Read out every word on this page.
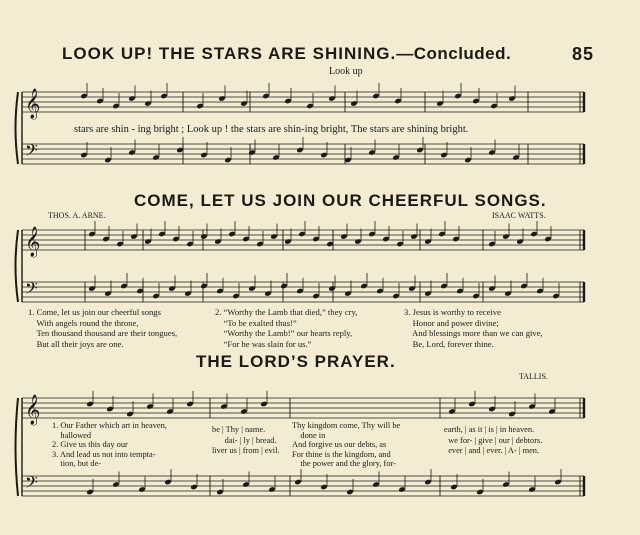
𝄞
𝄢
𝄞
𝄢
𝄞
𝄢
LOOK UP! THE STARS ARE SHINING.—Concluded.	85
Look up
stars are shin - ing bright ; Look up ! the stars are shin-ing bright, The stars are shining bright.
COME, LET US JOIN OUR CHEERFUL SONGS.
THOS. A. ARNE.	ISAAC WATTS.
1. Come, let us join our cheerful songs
With angels round the throne,
Ten thousand thousand are their tongues,
But all their joys are one.
2. “Worthy the Lamb that died,” they cry,
“To be exalted thus!”
“Worthy the Lamb!” our hearts reply,
“For he was slain for us.”
3. Jesus is worthy to receive
Honor and power divine;
And blessings more than we can give,
Be, Lord, forever thine.
THE LORD’S PRAYER.
TALLIS.
1. Our Father which art in heaven,
hallowed
2. Give us this day our
3. And lead us not into tempta-
tion, but de-
be | Thy | name.
dai- | ly | bread.
liver us | from | evil.
Thy kingdom come, Thy will be
done in
And forgive us our debts, as
For thine is the kingdom, and
the power and the glory, for-
earth, | as it | is | in heaven.
we for- | give | our | debtors.
ever | and | ever. | A- | men.
